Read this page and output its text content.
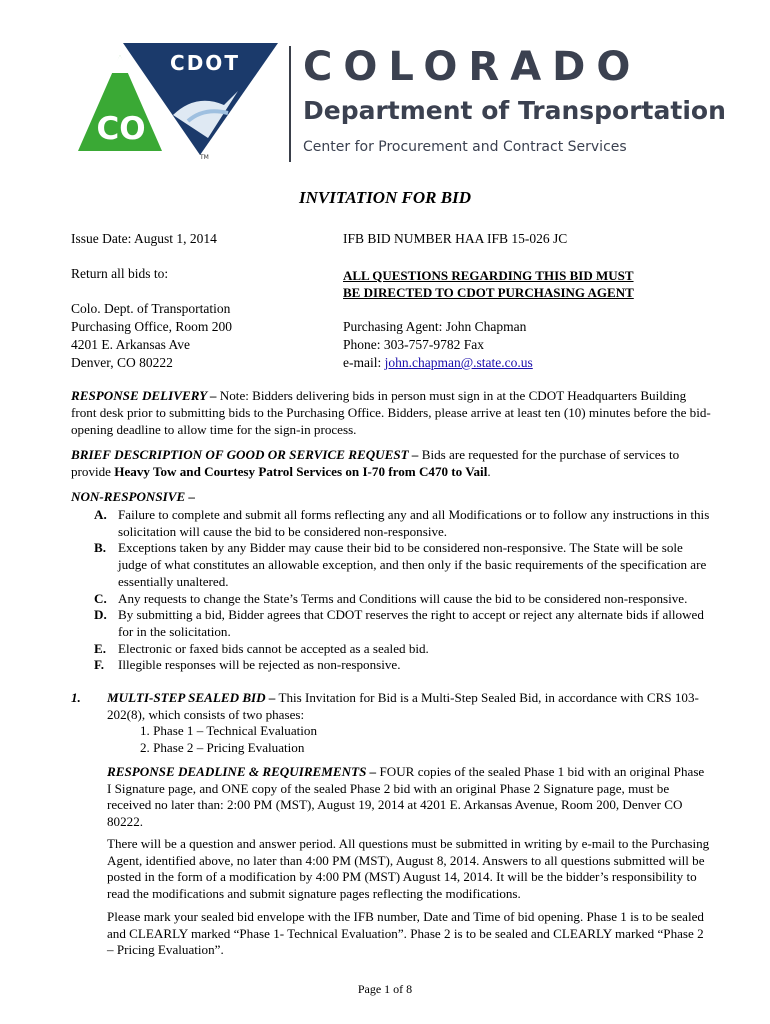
CDOT
CO
TM
COLORADO
Department of Transportation
Center for Procurement and Contract Services
INVITATION FOR BID
Issue Date: August 1, 2014	IFB BID NUMBER HAA IFB 15-026 JC
Return all bids to:	ALL QUESTIONS REGARDING THIS BID MUST
BE DIRECTED TO CDOT PURCHASING AGENT
Colo. Dept. of Transportation
Purchasing Office, Room 200
4201 E. Arkansas Ave
Denver, CO 80222
Purchasing Agent: John Chapman
Phone: 303-757-9782 Fax
e-mail: john.chapman@.state.co.us
RESPONSE DELIVERY – Note: Bidders delivering bids in person must sign in at the CDOT Headquarters Building front desk prior to submitting bids to the Purchasing Office. Bidders, please arrive at least ten (10) minutes before the bid-opening deadline to allow time for the sign-in process.
BRIEF DESCRIPTION OF GOOD OR SERVICE REQUEST – Bids are requested for the purchase of services to provide Heavy Tow and Courtesy Patrol Services on I-70 from C470 to Vail.
NON-RESPONSIVE –
A. Failure to complete and submit all forms reflecting any and all Modifications or to follow any instructions in this solicitation will cause the bid to be considered non-responsive.
B. Exceptions taken by any Bidder may cause their bid to be considered non-responsive. The State will be sole judge of what constitutes an allowable exception, and then only if the basic requirements of the specification are essentially unaltered.
C. Any requests to change the State’s Terms and Conditions will cause the bid to be considered non-responsive.
D. By submitting a bid, Bidder agrees that CDOT reserves the right to accept or reject any alternate bids if allowed for in the solicitation.
E. Electronic or faxed bids cannot be accepted as a sealed bid.
F. Illegible responses will be rejected as non-responsive.
1.	MULTI-STEP SEALED BID – This Invitation for Bid is a Multi-Step Sealed Bid, in accordance with CRS 103-202(8), which consists of two phases:
1. Phase 1 – Technical Evaluation
2. Phase 2 – Pricing Evaluation
RESPONSE DEADLINE & REQUIREMENTS – FOUR copies of the sealed Phase 1 bid with an original Phase I Signature page, and ONE copy of the sealed Phase 2 bid with an original Phase 2 Signature page, must be received no later than: 2:00 PM (MST), August 19, 2014 at 4201 E. Arkansas Avenue, Room 200, Denver CO 80222.
There will be a question and answer period. All questions must be submitted in writing by e-mail to the Purchasing Agent, identified above, no later than 4:00 PM (MST), August 8, 2014. Answers to all questions submitted will be posted in the form of a modification by 4:00 PM (MST) August 14, 2014. It will be the bidder’s responsibility to read the modifications and submit signature pages reflecting the modifications.
Please mark your sealed bid envelope with the IFB number, Date and Time of bid opening. Phase 1 is to be sealed and CLEARLY marked “Phase 1- Technical Evaluation”. Phase 2 is to be sealed and CLEARLY marked “Phase 2 – Pricing Evaluation”.
Page 1 of 8
